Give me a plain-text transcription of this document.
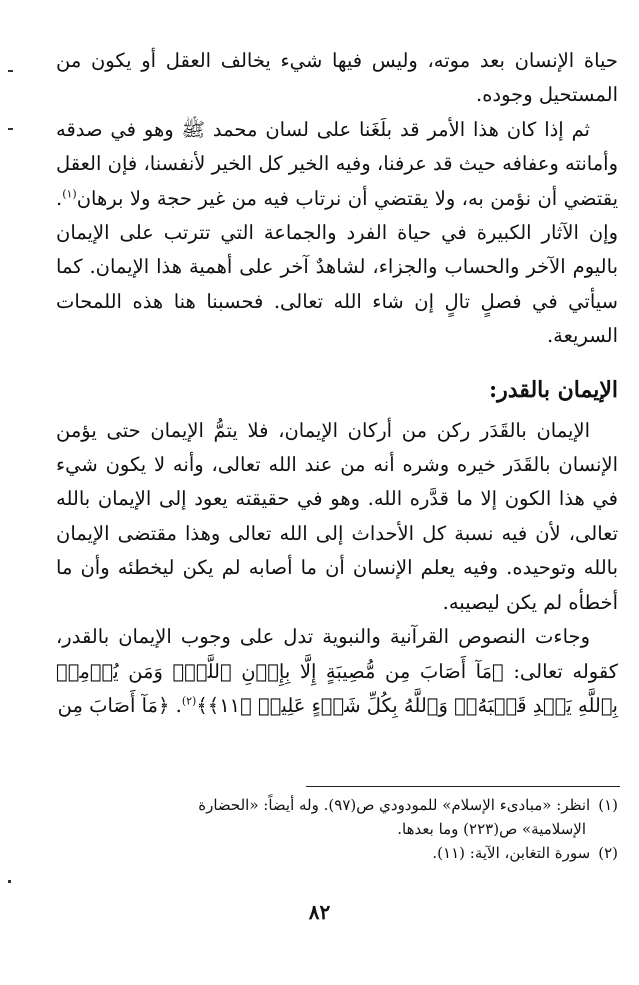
حياة الإنسان بعد موته، وليس فيها شيء يخالف العقل أو يكون من المستحيل وجوده.

ثم إذا كان هذا الأمر قد بلَغَنا على لسان محمد ﷺ وهو في صدقه وأمانته وعفافه حيث قد عرفنا، وفيه الخير كل الخير لأنفسنا، فإن العقل يقتضي أن نؤمن به، ولا يقتضي أن نرتاب فيه من غير حجة ولا برهان$^{(١)}$. وإن الآثار الكبيرة في حياة الفرد والجماعة التي تترتب على الإيمان باليوم الآخر والحساب والجزاء، لشاهدٌ آخر على أهمية هذا الإيمان. كما سيأتي في فصلٍ تالٍ إن شاء الله تعالى. فحسبنا هنا هذه اللمحات السريعة.

الإيمان بالقدر:

الإيمان بالقَدَر ركن من أركان الإيمان، فلا يتمُّ الإيمان حتى يؤمن الإنسان بالقَدَر خيره وشره أنه من عند الله تعالى، وأنه لا يكون شيء في هذا الكون إلا ما قدَّره الله. وهو في حقيقته يعود إلى الإيمان بالله تعالى، لأن فيه نسبة كل الأحداث إلى الله تعالى وهذا مقتضى الإيمان بالله وتوحيده. وفيه يعلم الإنسان أن ما أصابه لم يكن ليخطئه وأن ما أخطأه لم يكن ليصيبه.

وجاءت النصوص القرآنية والنبوية تدل على وجوب الإيمان بالقدر، كقوله تعالى: ﴿مَآ أَصَابَ مِن مُّصِيبَةٍ إِلَّا بِإِذۡنِ ٱللَّهِۗ وَمَن يُؤۡمِنۢ بِٱللَّهِ يَهۡدِ قَلۡبَهُۥۚ وَٱللَّهُ بِكُلِّ شَيۡءٍ عَلِيمٞ ﴿١١﴾﴾$^{(٢)}$. ﴿مَآ أَصَابَ مِن

(١)انظر: «مبادىء الإسلام» للمودودي ص(٩٧). وله أيضاً: «الحضارة
الإسلامية» ص(٢٢٣) وما بعدها.

(٢)سورة التغابن، الآية: (١١).

٨٢
